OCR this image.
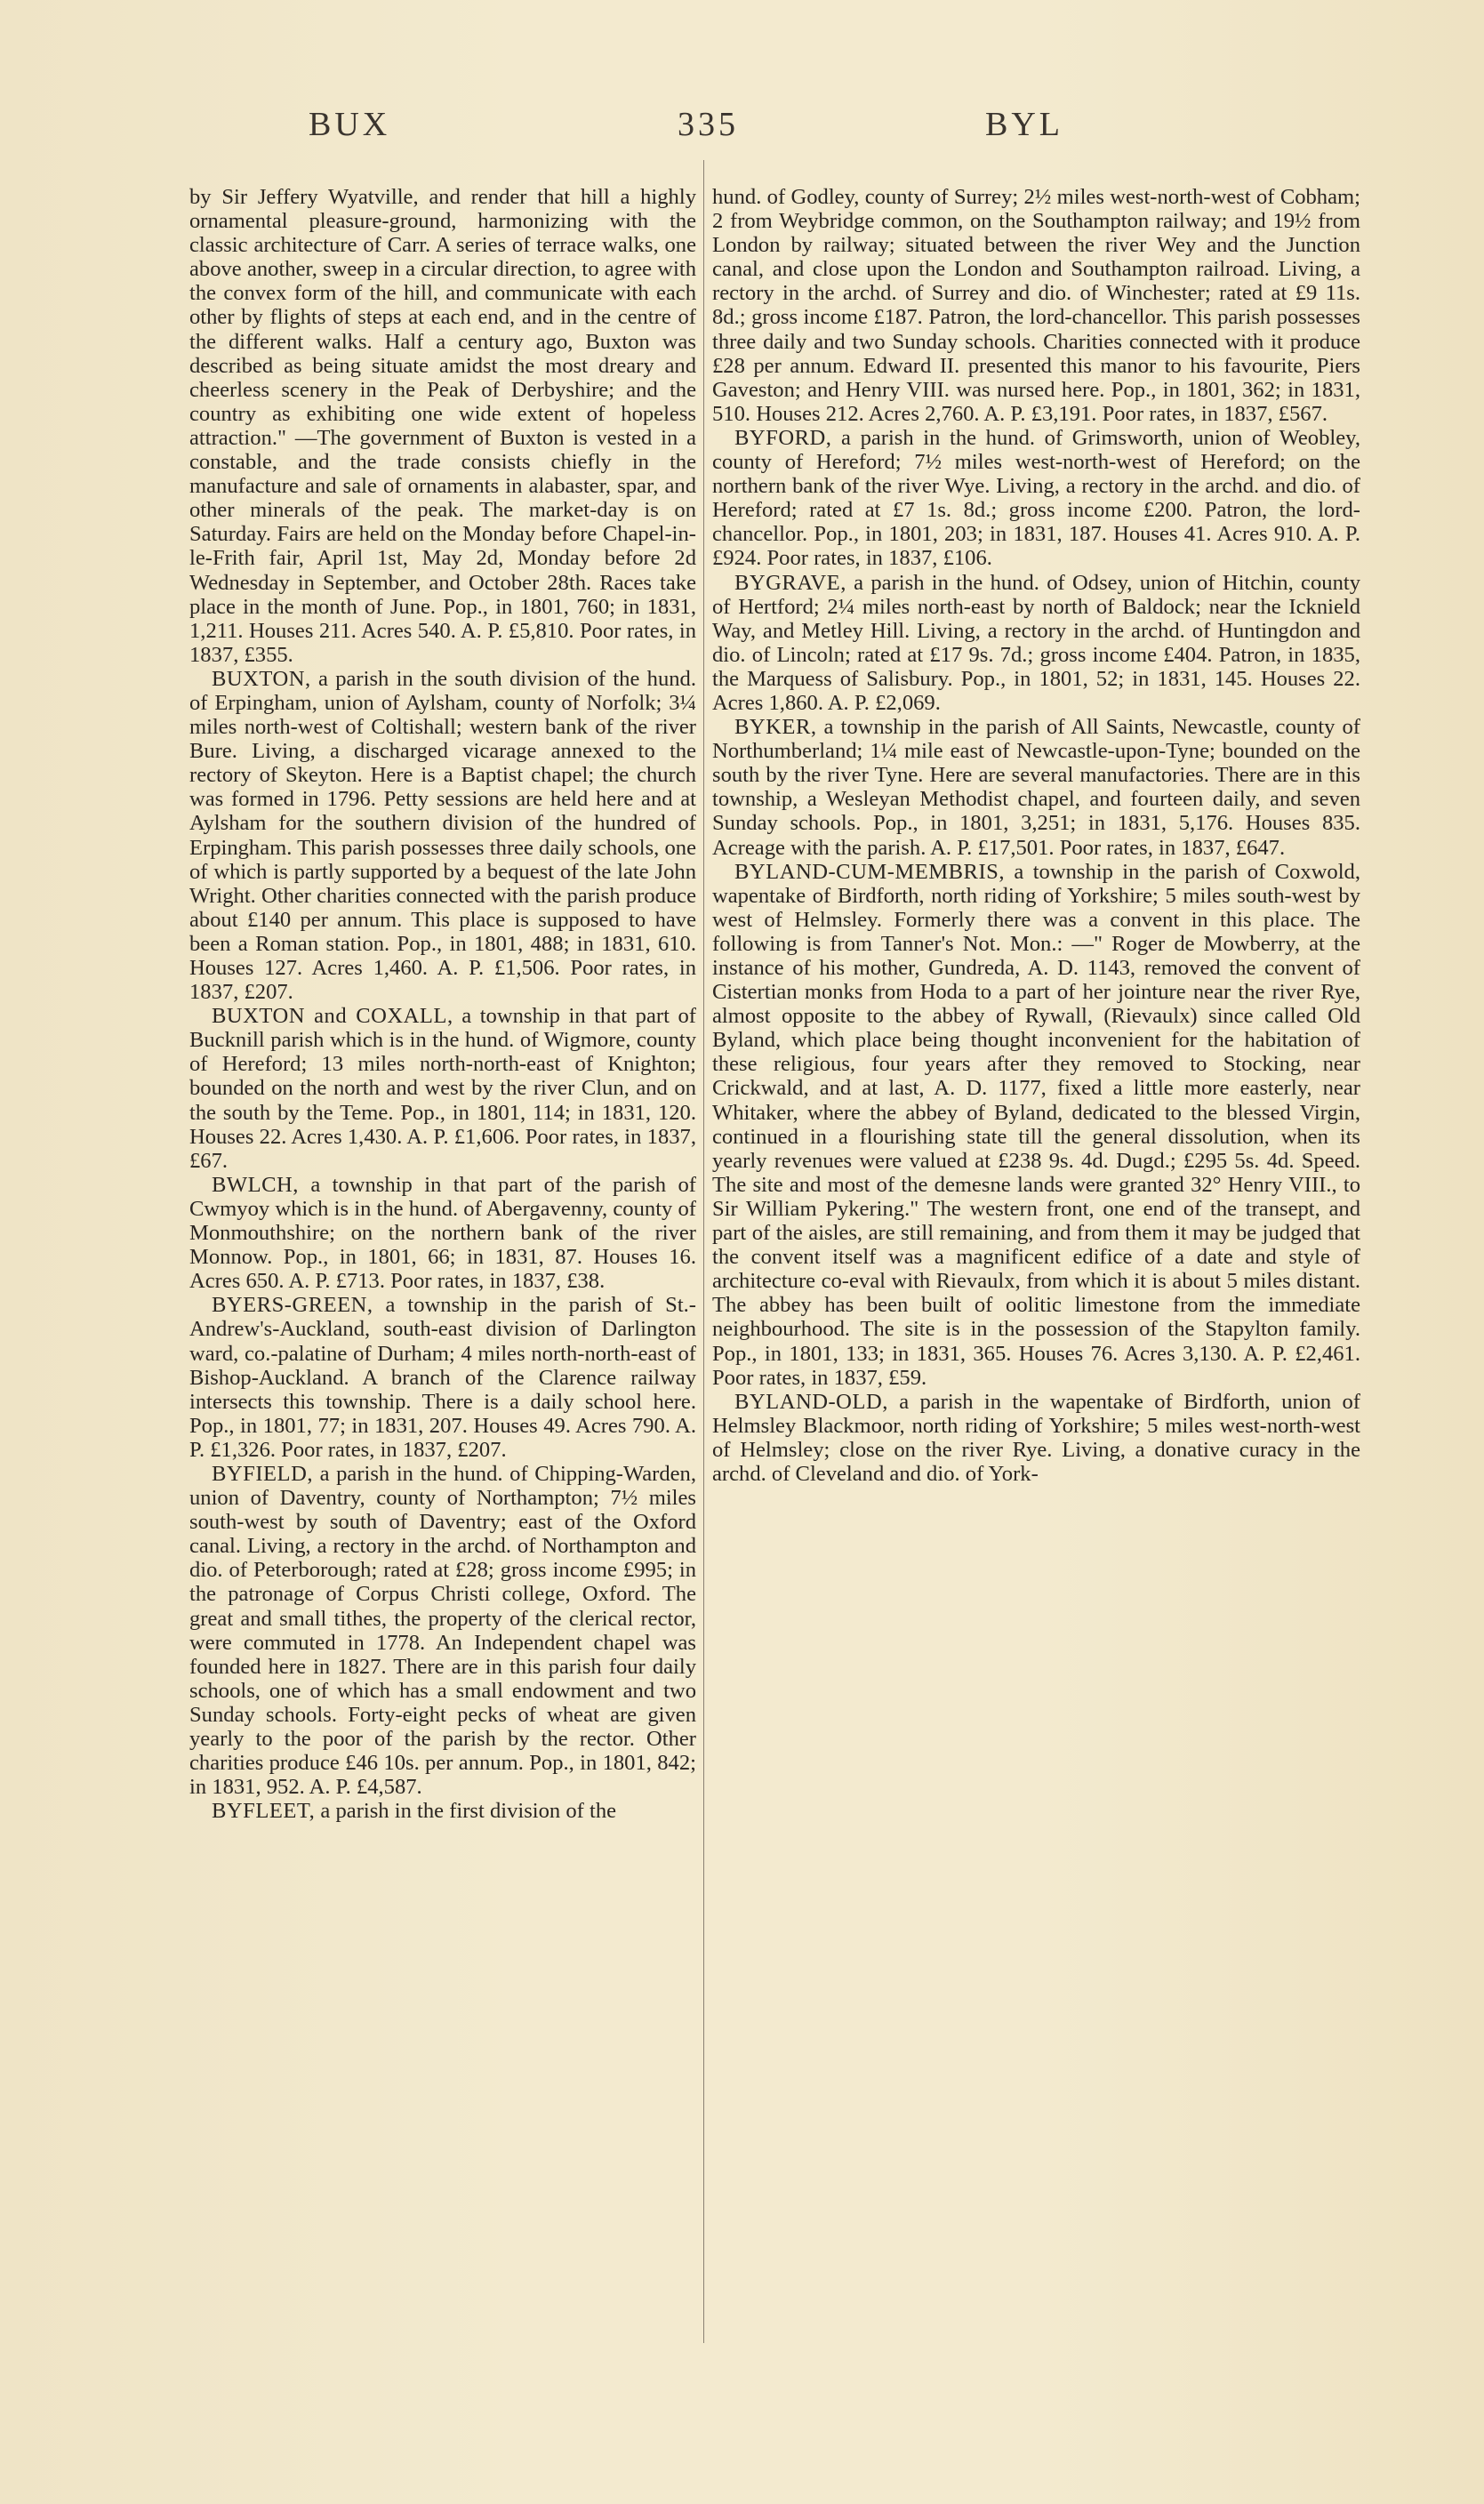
BUX	335	BYL

by Sir Jeffery Wyatville, and render that hill a highly ornamental pleasure-ground, harmonizing with the classic architecture of Carr. A series of terrace walks, one above another, sweep in a circular direction, to agree with the convex form of the hill, and communicate with each other by flights of steps at each end, and in the centre of the different walks. Half a century ago, Buxton was described as being situate amidst the most dreary and cheerless scenery in the Peak of Derbyshire; and the country as exhibiting one wide extent of hopeless attraction." —The government of Buxton is vested in a constable, and the trade consists chiefly in the manufacture and sale of ornaments in alabaster, spar, and other minerals of the peak. The market-day is on Saturday. Fairs are held on the Monday before Chapel-in-le-Frith fair, April 1st, May 2d, Monday before 2d Wednesday in September, and October 28th. Races take place in the month of June. Pop., in 1801, 760; in 1831, 1,211. Houses 211. Acres 540. A. P. £5,810. Poor rates, in 1837, £355.

BUXTON, a parish in the south division of the hund. of Erpingham, union of Aylsham, county of Norfolk; 3¼ miles north-west of Coltishall; western bank of the river Bure. Living, a discharged vicarage annexed to the rectory of Skeyton. Here is a Baptist chapel; the church was formed in 1796. Petty sessions are held here and at Aylsham for the southern division of the hundred of Erpingham. This parish possesses three daily schools, one of which is partly supported by a bequest of the late John Wright. Other charities connected with the parish produce about £140 per annum. This place is supposed to have been a Roman station. Pop., in 1801, 488; in 1831, 610. Houses 127. Acres 1,460. A. P. £1,506. Poor rates, in 1837, £207.

BUXTON and COXALL, a township in that part of Bucknill parish which is in the hund. of Wigmore, county of Hereford; 13 miles north-north-east of Knighton; bounded on the north and west by the river Clun, and on the south by the Teme. Pop., in 1801, 114; in 1831, 120. Houses 22. Acres 1,430. A. P. £1,606. Poor rates, in 1837, £67.

BWLCH, a township in that part of the parish of Cwmyoy which is in the hund. of Abergavenny, county of Monmouthshire; on the northern bank of the river Monnow. Pop., in 1801, 66; in 1831, 87. Houses 16. Acres 650. A. P. £713. Poor rates, in 1837, £38.

BYERS-GREEN, a township in the parish of St.-Andrew's-Auckland, south-east division of Darlington ward, co.-palatine of Durham; 4 miles north-north-east of Bishop-Auckland. A branch of the Clarence railway intersects this township. There is a daily school here. Pop., in 1801, 77; in 1831, 207. Houses 49. Acres 790. A. P. £1,326. Poor rates, in 1837, £207.

BYFIELD, a parish in the hund. of Chipping-Warden, union of Daventry, county of Northampton; 7½ miles south-west by south of Daventry; east of the Oxford canal. Living, a rectory in the archd. of Northampton and dio. of Peterborough; rated at £28; gross income £995; in the patronage of Corpus Christi college, Oxford. The great and small tithes, the property of the clerical rector, were commuted in 1778. An Independent chapel was founded here in 1827. There are in this parish four daily schools, one of which has a small endowment and two Sunday schools. Forty-eight pecks of wheat are given yearly to the poor of the parish by the rector. Other charities produce £46 10s. per annum. Pop., in 1801, 842; in 1831, 952. A. P. £4,587.

BYFLEET, a parish in the first division of the

hund. of Godley, county of Surrey; 2½ miles west-north-west of Cobham; 2 from Weybridge common, on the Southampton railway; and 19½ from London by railway; situated between the river Wey and the Junction canal, and close upon the London and Southampton railroad. Living, a rectory in the archd. of Surrey and dio. of Winchester; rated at £9 11s. 8d.; gross income £187. Patron, the lord-chancellor. This parish possesses three daily and two Sunday schools. Charities connected with it produce £28 per annum. Edward II. presented this manor to his favourite, Piers Gaveston; and Henry VIII. was nursed here. Pop., in 1801, 362; in 1831, 510. Houses 212. Acres 2,760. A. P. £3,191. Poor rates, in 1837, £567.

BYFORD, a parish in the hund. of Grimsworth, union of Weobley, county of Hereford; 7½ miles west-north-west of Hereford; on the northern bank of the river Wye. Living, a rectory in the archd. and dio. of Hereford; rated at £7 1s. 8d.; gross income £200. Patron, the lord-chancellor. Pop., in 1801, 203; in 1831, 187. Houses 41. Acres 910. A. P. £924. Poor rates, in 1837, £106.

BYGRAVE, a parish in the hund. of Odsey, union of Hitchin, county of Hertford; 2¼ miles north-east by north of Baldock; near the Icknield Way, and Metley Hill. Living, a rectory in the archd. of Huntingdon and dio. of Lincoln; rated at £17 9s. 7d.; gross income £404. Patron, in 1835, the Marquess of Salisbury. Pop., in 1801, 52; in 1831, 145. Houses 22. Acres 1,860. A. P. £2,069.

BYKER, a township in the parish of All Saints, Newcastle, county of Northumberland; 1¼ mile east of Newcastle-upon-Tyne; bounded on the south by the river Tyne. Here are several manufactories. There are in this township, a Wesleyan Methodist chapel, and fourteen daily, and seven Sunday schools. Pop., in 1801, 3,251; in 1831, 5,176. Houses 835. Acreage with the parish. A. P. £17,501. Poor rates, in 1837, £647.

BYLAND-CUM-MEMBRIS, a township in the parish of Coxwold, wapentake of Birdforth, north riding of Yorkshire; 5 miles south-west by west of Helmsley. Formerly there was a convent in this place. The following is from Tanner's Not. Mon.: —" Roger de Mowberry, at the instance of his mother, Gundreda, A. D. 1143, removed the convent of Cistertian monks from Hoda to a part of her jointure near the river Rye, almost opposite to the abbey of Rywall, (Rievaulx) since called Old Byland, which place being thought inconvenient for the habitation of these religious, four years after they removed to Stocking, near Crickwald, and at last, A. D. 1177, fixed a little more easterly, near Whitaker, where the abbey of Byland, dedicated to the blessed Virgin, continued in a flourishing state till the general dissolution, when its yearly revenues were valued at £238 9s. 4d. Dugd.; £295 5s. 4d. Speed. The site and most of the demesne lands were granted 32° Henry VIII., to Sir William Pykering." The western front, one end of the transept, and part of the aisles, are still remaining, and from them it may be judged that the convent itself was a magnificent edifice of a date and style of architecture co-eval with Rievaulx, from which it is about 5 miles distant. The abbey has been built of oolitic limestone from the immediate neighbourhood. The site is in the possession of the Stapylton family. Pop., in 1801, 133; in 1831, 365. Houses 76. Acres 3,130. A. P. £2,461. Poor rates, in 1837, £59.

BYLAND-OLD, a parish in the wapentake of Birdforth, union of Helmsley Blackmoor, north riding of Yorkshire; 5 miles west-north-west of Helmsley; close on the river Rye. Living, a donative curacy in the archd. of Cleveland and dio. of York-
